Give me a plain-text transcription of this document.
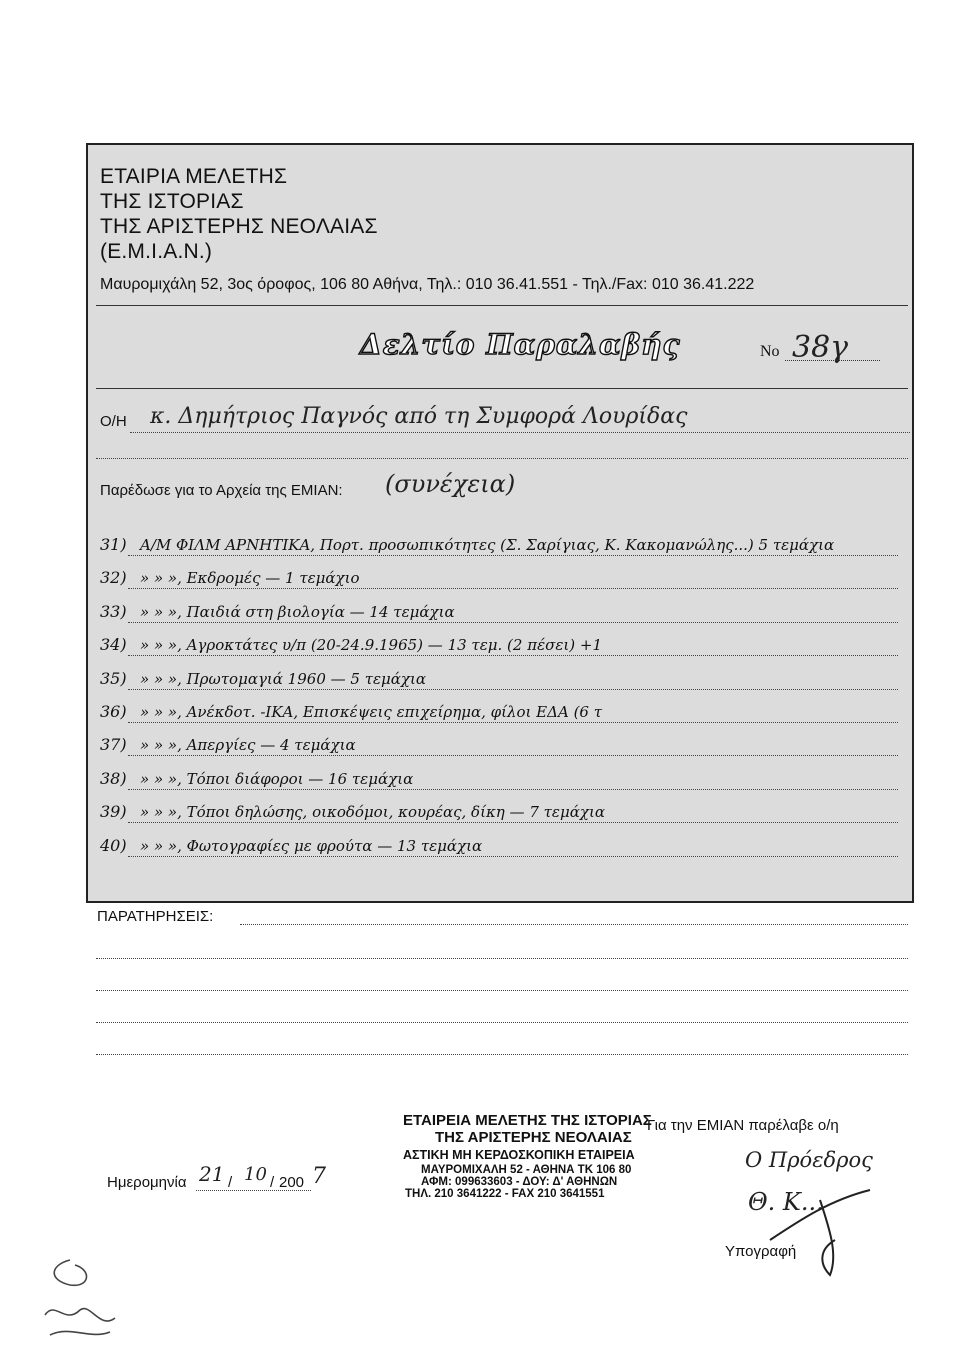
ΕΤΑΙΡΙΑ ΜΕΛΕΤΗΣ
ΤΗΣ ΙΣΤΟΡΙΑΣ
ΤΗΣ ΑΡΙΣΤΕΡΗΣ ΝΕΟΛΑΙΑΣ
(Ε.Μ.Ι.Α.Ν.)
Μαυρομιχάλη 52, 3ος όροφος, 106 80 Αθήνα, Τηλ.: 010 36.41.551 - Τηλ./Fax: 010 36.41.222
Δελτίο Παραλαβής	No 38γ
Ο/Η κ. Δημήτριος Παγνός από τη Συμφορά Λουρίδας
Παρέδωσε για το Αρχεία της ΕΜΙΑΝ: (συνέχεια)
31) Α/Μ ΦΙΛΜ ΑΡΝΗΤΙΚΑ, Πορτ. προσωπικότητες (Σ. Σαρίγιας, Κ. Κακομανώλης...) 5 τεμάχια
32) » » », Εκδρομές — 1 τεμάχιο
33) » » », Παιδιά στη βιολογία — 14 τεμάχια
34) » » », Αγροκτάτες υ/π (20-24.9.1965) — 13 τεμ. (2 πέσει) +1
35) » » », Πρωτομαγιά 1960 — 5 τεμάχια
36) » » », Ανέκδοτ. -ΙΚΑ, Επισκέψεις επιχείρημα, φίλοι ΕΔΑ (6 τ
37) » » », Απεργίες — 4 τεμάχια
38) » » », Τόποι διάφοροι — 16 τεμάχια
39) » » », Τόποι δηλώσης, οικοδόμοι, κουρέας, δίκη — 7 τεμάχια
40) » » », Φωτογραφίες με φρούτα — 13 τεμάχια
ΠΑΡΑΤΗΡΗΣΕΙΣ:
Ημερομηνία 21 / 10 / 200 7
ΕΤΑΙΡΕΙΑ ΜΕΛΕΤΗΣ ΤΗΣ ΙΣΤΟΡΙΑΣ
ΤΗΣ ΑΡΙΣΤΕΡΗΣ ΝΕΟΛΑΙΑΣ
ΑΣΤΙΚΗ ΜΗ ΚΕΡΔΟΣΚΟΠΙΚΗ ΕΤΑΙΡΕΙΑ
ΜΑΥΡΟΜΙΧΑΛΗ 52 - ΑΘΗΝΑ ΤΚ 106 80
ΑΦΜ: 099633603 - ΔΟΥ: Δ' ΑΘΗΝΩΝ
ΤΗΛ. 210 3641222 - FAX 210 3641551
Για την ΕΜΙΑΝ παρέλαβε ο/η
Ο Πρόεδρος
Θ. Κ...
Υπογραφή
